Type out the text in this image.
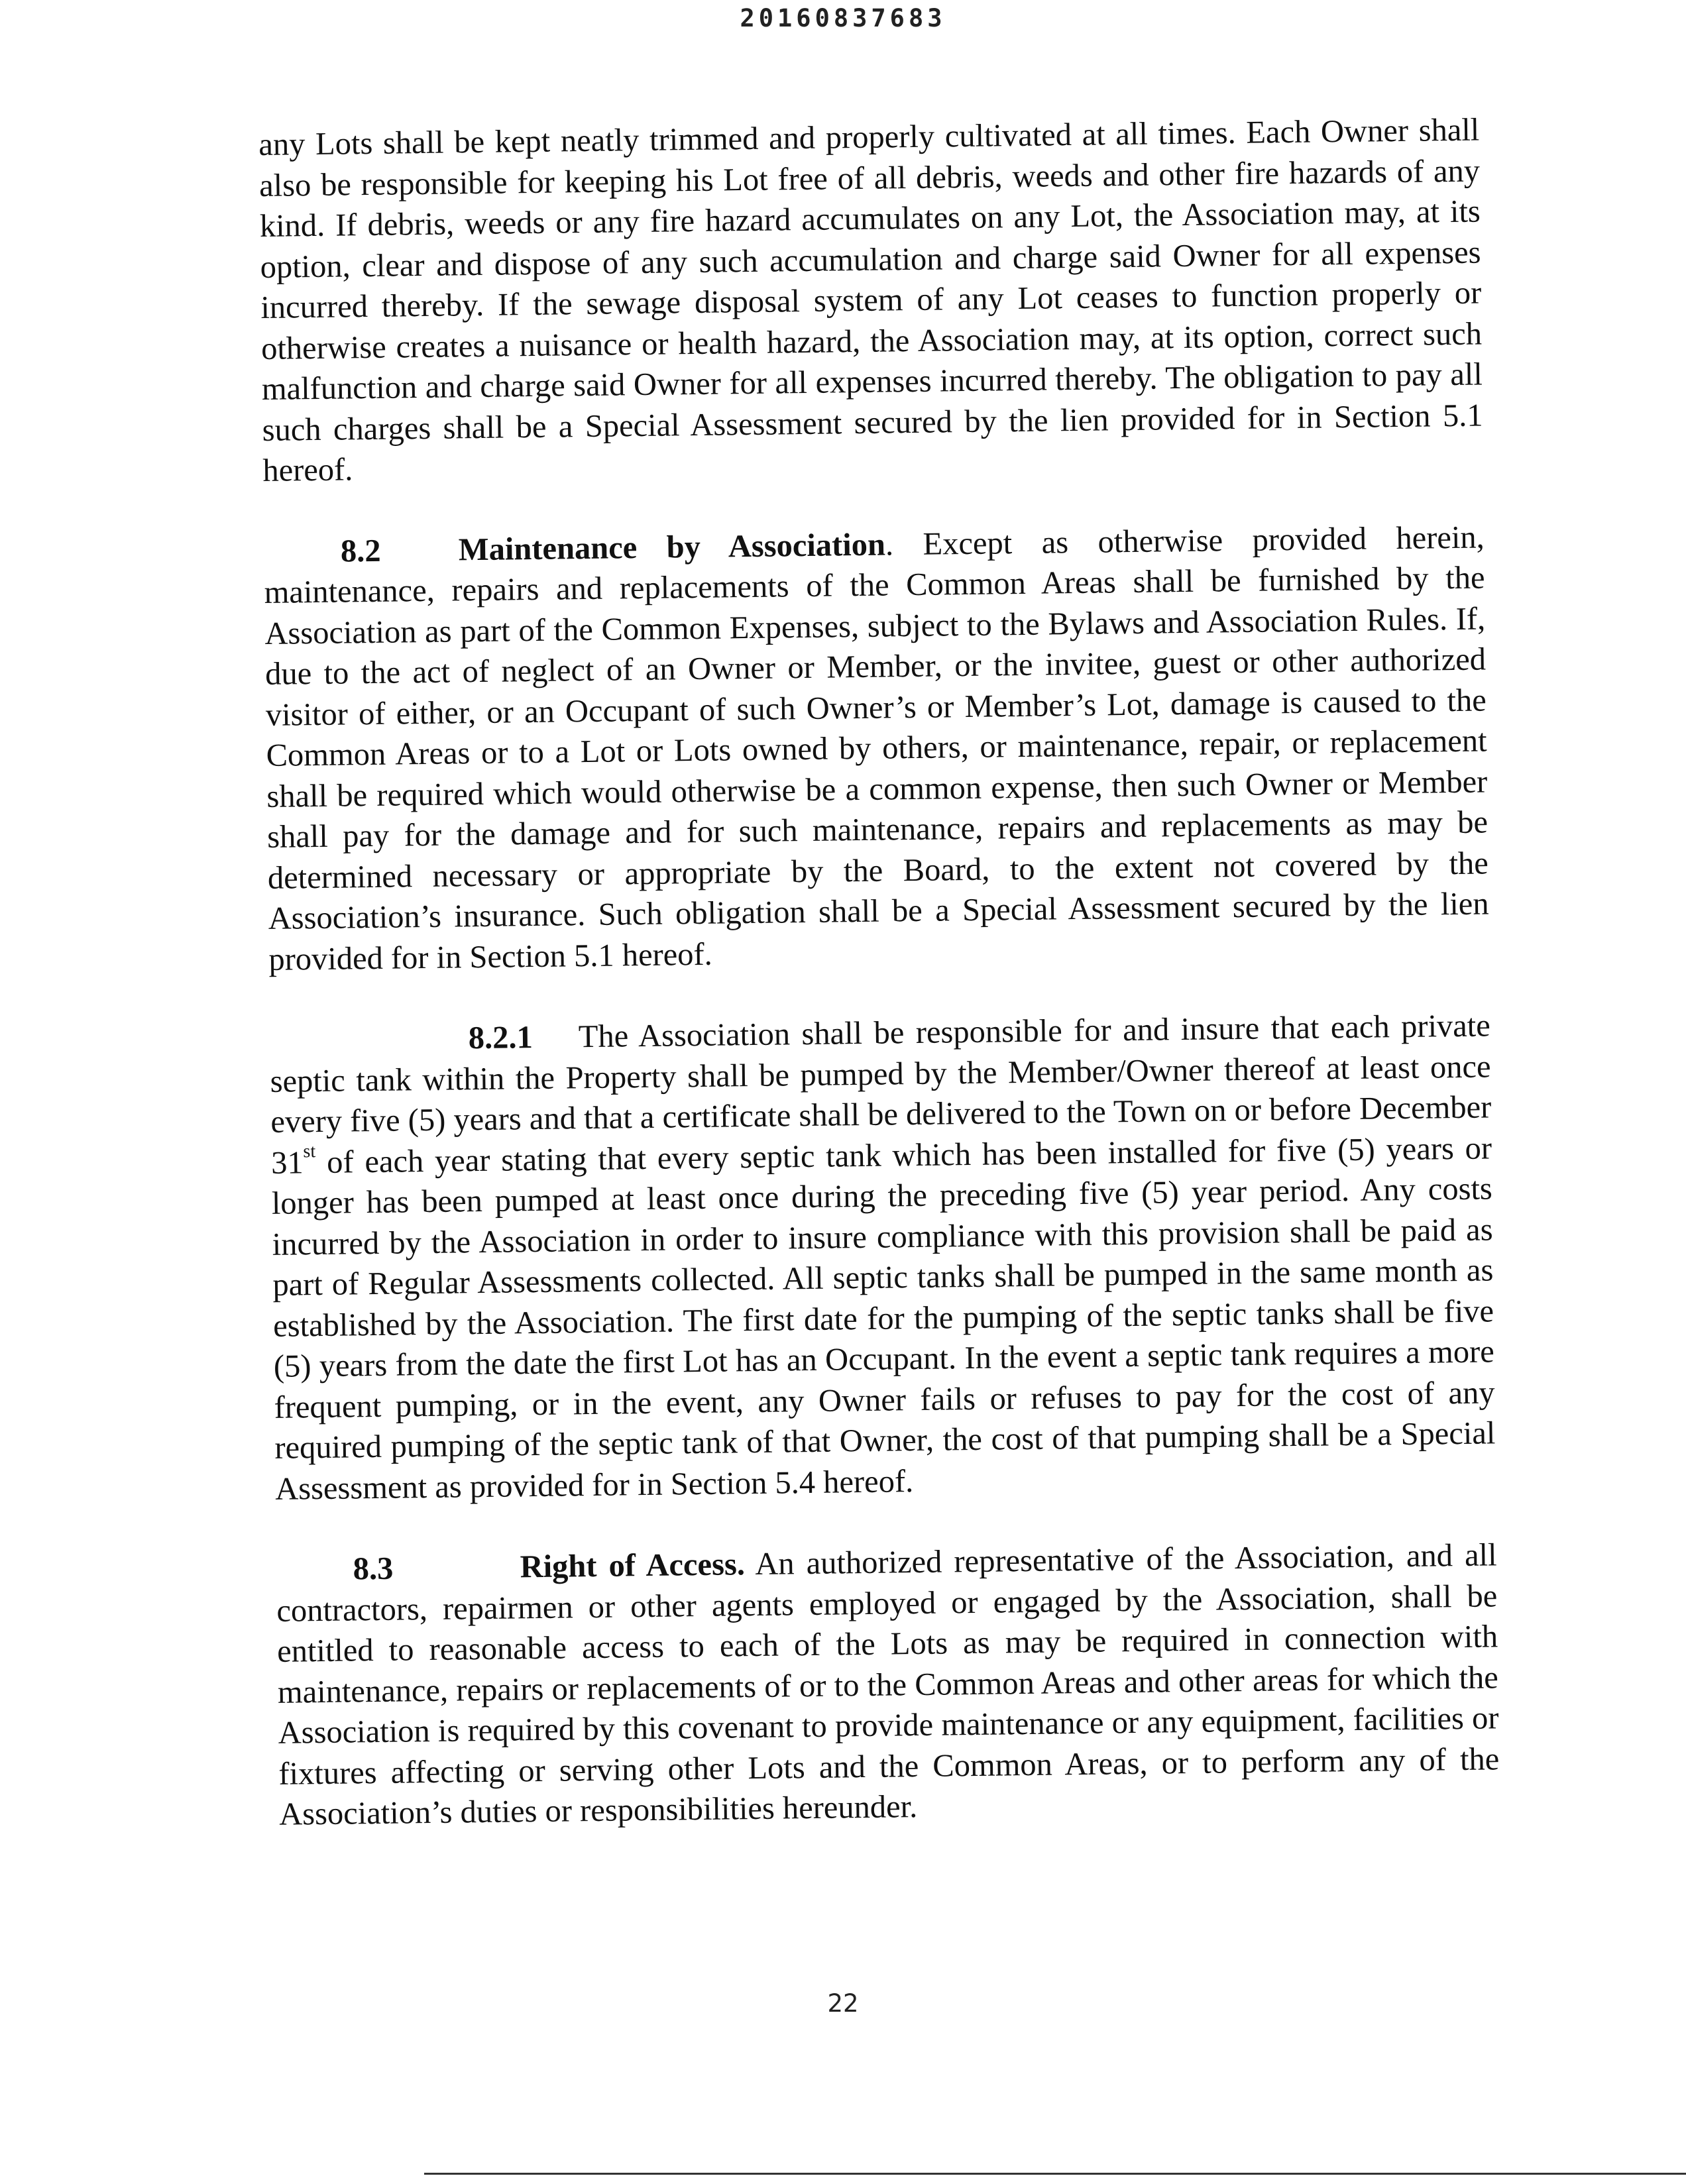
20160837683

any Lots shall be kept neatly trimmed and properly cultivated at all times. Each Owner shall also be responsible for keeping his Lot free of all debris, weeds and other fire hazards of any kind. If debris, weeds or any fire hazard accumulates on any Lot, the Association may, at its option, clear and dispose of any such accumulation and charge said Owner for all expenses incurred thereby. If the sewage disposal system of any Lot ceases to function properly or otherwise creates a nuisance or health hazard, the Association may, at its option, correct such malfunction and charge said Owner for all expenses incurred thereby. The obligation to pay all such charges shall be a Special Assessment secured by the lien provided for in Section 5.1 hereof.

8.2 Maintenance by Association. Except as otherwise provided herein, maintenance, repairs and replacements of the Common Areas shall be furnished by the Association as part of the Common Expenses, subject to the Bylaws and Association Rules. If, due to the act of neglect of an Owner or Member, or the invitee, guest or other authorized visitor of either, or an Occupant of such Owner’s or Member’s Lot, damage is caused to the Common Areas or to a Lot or Lots owned by others, or maintenance, repair, or replacement shall be required which would otherwise be a common expense, then such Owner or Member shall pay for the damage and for such maintenance, repairs and replacements as may be determined necessary or appropriate by the Board, to the extent not covered by the Association’s insurance. Such obligation shall be a Special Assessment secured by the lien provided for in Section 5.1 hereof.

8.2.1 The Association shall be responsible for and insure that each private septic tank within the Property shall be pumped by the Member/Owner thereof at least once every five (5) years and that a certificate shall be delivered to the Town on or before December 31st of each year stating that every septic tank which has been installed for five (5) years or longer has been pumped at least once during the preceding five (5) year period. Any costs incurred by the Association in order to insure compliance with this provision shall be paid as part of Regular Assessments collected. All septic tanks shall be pumped in the same month as established by the Association. The first date for the pumping of the septic tanks shall be five (5) years from the date the first Lot has an Occupant. In the event a septic tank requires a more frequent pumping, or in the event, any Owner fails or refuses to pay for the cost of any required pumping of the septic tank of that Owner, the cost of that pumping shall be a Special Assessment as provided for in Section 5.4 hereof.

8.3	Right of Access. An authorized representative of the Association, and all contractors, repairmen or other agents employed or engaged by the Association, shall be entitled to reasonable access to each of the Lots as may be required in connection with maintenance, repairs or replacements of or to the Common Areas and other areas for which the Association is required by this covenant to provide maintenance or any equipment, facilities or fixtures affecting or serving other Lots and the Common Areas, or to perform any of the Association’s duties or responsibilities hereunder.

22
